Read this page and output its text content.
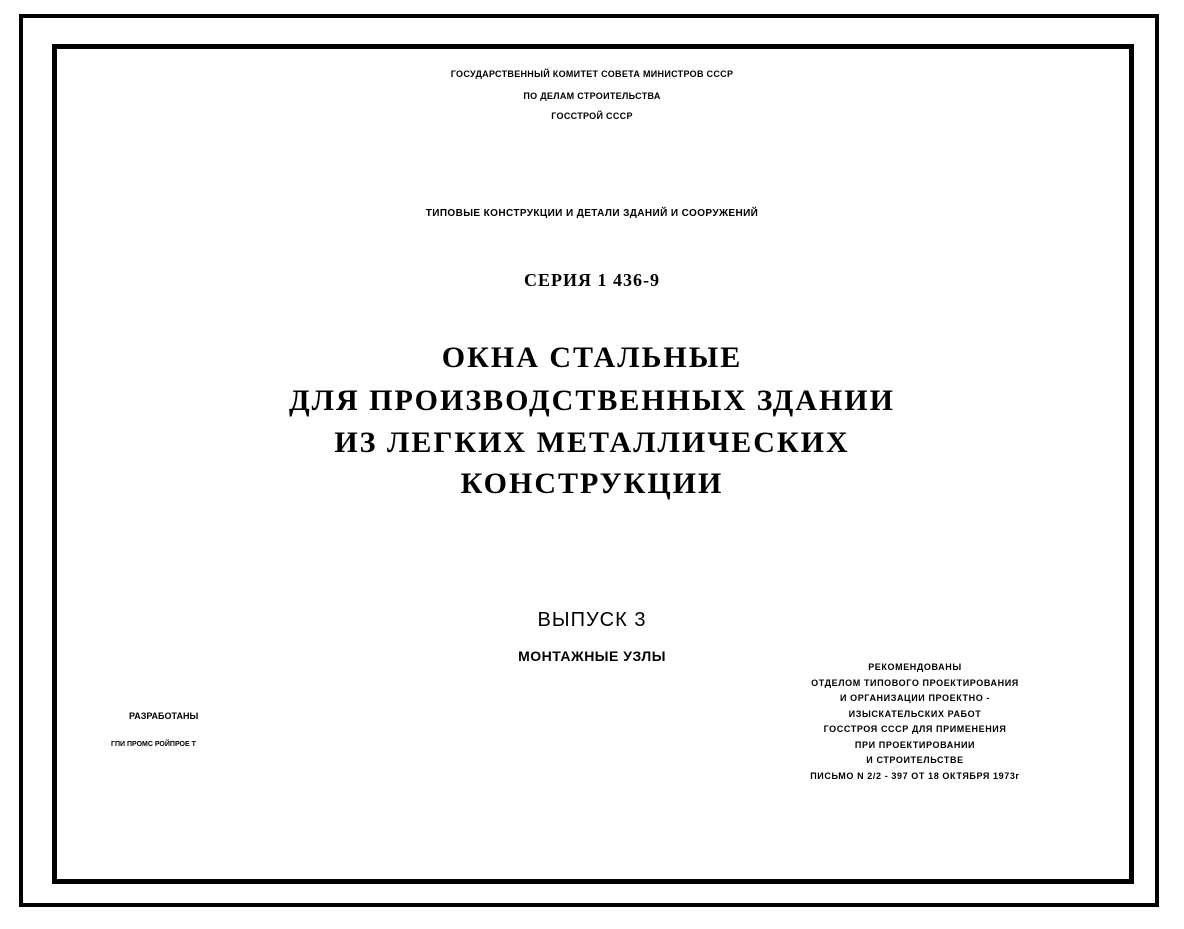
ГОСУДАРСТВЕННЫЙ КОМИТЕТ СОВЕТА МИНИСТРОВ СССР
ПО ДЕЛАМ СТРОИТЕЛЬСТВА
ГОССТРОЙ СССР
ТИПОВЫЕ КОНСТРУКЦИИ И ДЕТАЛИ ЗДАНИЙ И СООРУЖЕНИЙ
СЕРИЯ 1 436-9
ОКНА СТАЛЬНЫЕ
ДЛЯ ПРОИЗВОДСТВЕННЫХ ЗДАНИИ
ИЗ ЛЕГКИХ МЕТАЛЛИЧЕСКИХ
КОНСТРУКЦИИ
ВЫПУСК 3
МОНТАЖНЫЕ УЗЛЫ
РАЗРАБОТАНЫ
ГПИ ПРОМС РОЙПРОЕ Т
РЕКОМЕНДОВАНЫ
ОТДЕЛОМ ТИПОВОГО ПРОЕКТИРОВАНИЯ
И ОРГАНИЗАЦИИ ПРОЕКТНО -
ИЗЫСКАТЕЛЬСКИХ РАБОТ
ГОССТРОЯ СССР ДЛЯ ПРИМЕНЕНИЯ
ПРИ ПРОЕКТИРОВАНИИ
И СТРОИТЕЛЬСТВЕ
ПИСЬМО N 2/2 - 397 ОТ 18 ОКТЯБРЯ 1973г
